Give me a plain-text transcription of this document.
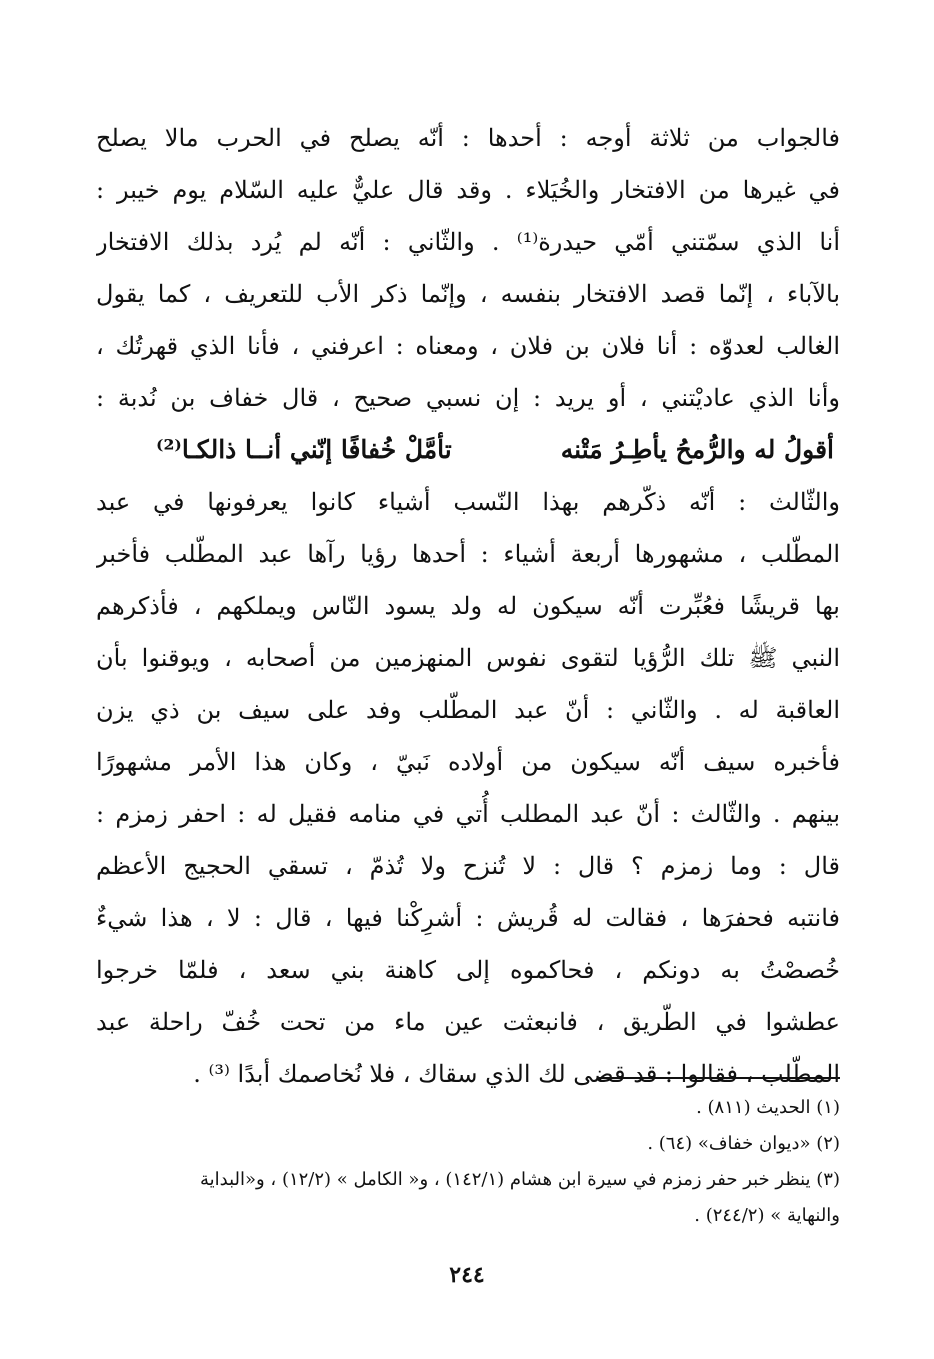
فالجواب من ثلاثة أوجه : أحدها : أنّه يصلح في الحرب مالا يصلح
في غيرها من الافتخار والخُيَلاء . وقد قال عليٌّ عليه السّلام يوم خيبر :
أنا الذي سمّتني أمّي حيدرة⁽¹⁾ . والثّاني : أنّه لم يُرد بذلك الافتخار
بالآباء ، إنّما قصد الافتخار بنفسه ، وإنّما ذكر الأب للتعريف ، كما يقول
الغالب لعدوّه : أنا فلان بن فلان ، ومعناه : اعرفني ، فأنا الذي قهرتُك ،
وأنا الذي عاديْتني ، أو يريد : إن نسبي صحيح ، قال خفاف بن نُدبة :
أقولُ له والرُّمحُ يأطِـرُ مَتْنه
تأمَّلْ خُفافًا إنّني أنــا ذالكـا⁽²⁾
والثّالث : أنّه ذكّرهم بهذا النّسب أشياء كانوا يعرفونها في عبد
المطّلب ، مشهورها أربعة أشياء : أحدها رؤيا رآها عبد المطّلب فأخبر
بها قريشًا فعُبِّرت أنّه سيكون له ولد يسود النّاس ويملكهم ، فأذكرهم
النبي ﷺ تلك الرُّؤيا لتقوى نفوس المنهزمين من أصحابه ، ويوقنوا بأن
العاقبة له . والثّاني : أنّ عبد المطّلب وفد على سيف بن ذي يزن
فأخبره سيف أنّه سيكون من أولاده نَبيّ ، وكان هذا الأمر مشهورًا
بينهم . والثّالث : أنّ عبد المطلب أُتي في منامه فقيل له : احفر زمزم :
قال : وما زمزم ؟ قال : لا تُنزح ولا تُذمّ ، تسقي الحجيج الأعظم
فانتبه فحفرَها ، فقالت له قُريش : أشرِكْنا فيها ، قال : لا ، هذا شيءٌ
خُصصْتُ به دونكم ، فحاكموه إلى كاهنة بني سعد ، فلمّا خرجوا
عطشوا في الطّريق ، فانبعثت عين ماء من تحت خُفّ راحلة عبد
المطّلب ، فقالوا : قد قضى لك الذي سقاك ، فلا نُخاصمك أبدًا ⁽³⁾ .
(١) الحديث (٨١١) .
(٢) «ديوان خفاف» (٦٤) .
(٣) ينظر خبر حفر زمزم في سيرة ابن هشام (١٤٢/١) ، و« الكامل » (١٢/٢) ، و«البداية
والنهاية » (٢٤٤/٢) .
٢٤٤
